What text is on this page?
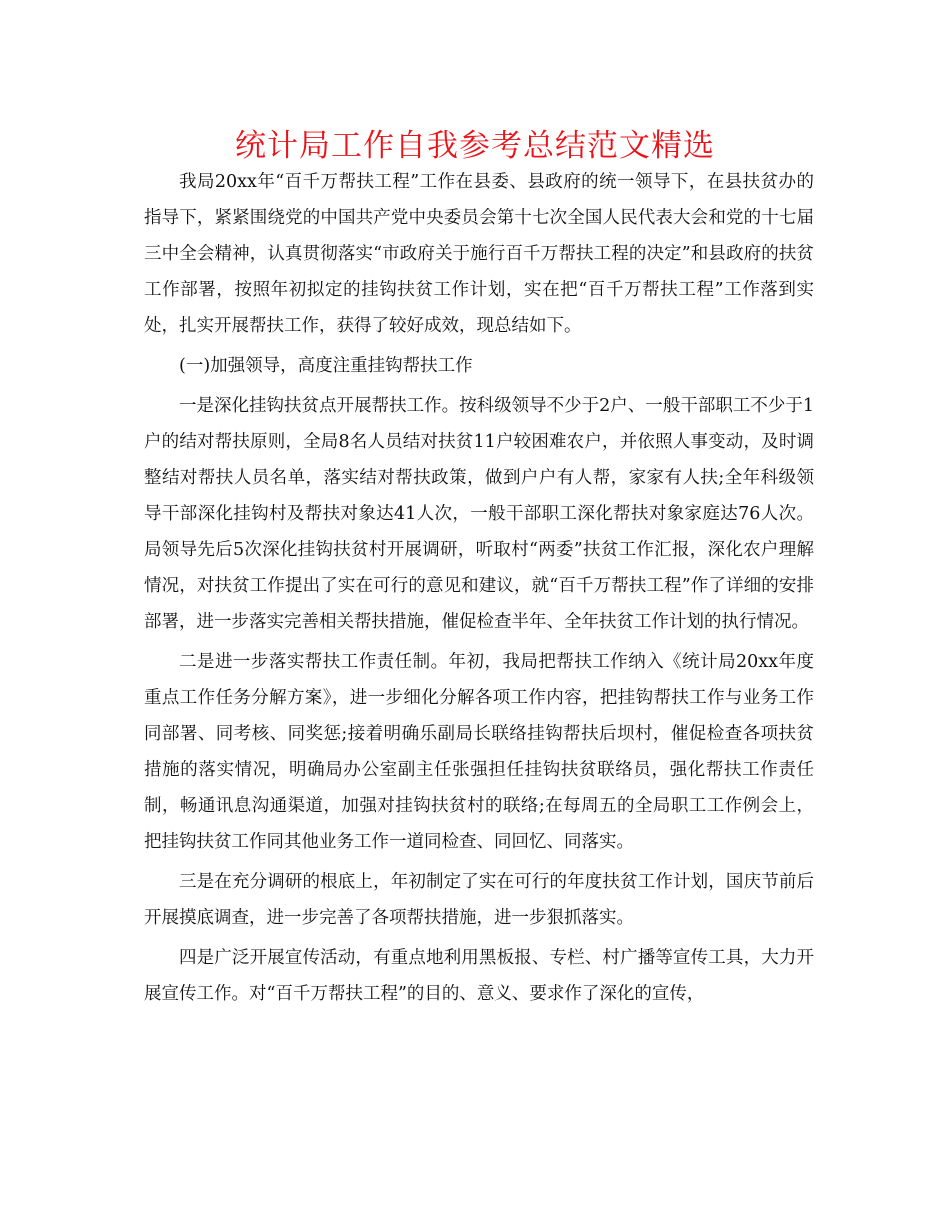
统计局工作自我参考总结范文精选

我局20xx年“百千万帮扶工程”工作在县委、县政府的统一领导下，在县扶贫办的指导下，紧紧围绕党的中国共产党中央委员会第十七次全国人民代表大会和党的十七届三中全会精神，认真贯彻落实“市政府关于施行百千万帮扶工程的决定”和县政府的扶贫工作部署，按照年初拟定的挂钩扶贫工作计划，实在把“百千万帮扶工程”工作落到实处，扎实开展帮扶工作，获得了较好成效，现总结如下。

(一)加强领导，高度注重挂钩帮扶工作

一是深化挂钩扶贫点开展帮扶工作。按科级领导不少于2户、一般干部职工不少于1户的结对帮扶原则，全局8名人员结对扶贫11户较困难农户，并依照人事变动，及时调整结对帮扶人员名单，落实结对帮扶政策，做到户户有人帮，家家有人扶;全年科级领导干部深化挂钩村及帮扶对象达41人次，一般干部职工深化帮扶对象家庭达76人次。局领导先后5次深化挂钩扶贫村开展调研，听取村“两委”扶贫工作汇报，深化农户理解情况，对扶贫工作提出了实在可行的意见和建议，就“百千万帮扶工程”作了详细的安排部署，进一步落实完善相关帮扶措施，催促检查半年、全年扶贫工作计划的执行情况。

二是进一步落实帮扶工作责任制。年初，我局把帮扶工作纳入《统计局20xx年度重点工作任务分解方案》，进一步细化分解各项工作内容，把挂钩帮扶工作与业务工作同部署、同考核、同奖惩;接着明确乐副局长联络挂钩帮扶后坝村，催促检查各项扶贫措施的落实情况，明确局办公室副主任张强担任挂钩扶贫联络员，强化帮扶工作责任制，畅通讯息沟通渠道，加强对挂钩扶贫村的联络;在每周五的全局职工工作例会上，把挂钩扶贫工作同其他业务工作一道同检查、同回忆、同落实。

三是在充分调研的根底上，年初制定了实在可行的年度扶贫工作计划，国庆节前后开展摸底调查，进一步完善了各项帮扶措施，进一步狠抓落实。

四是广泛开展宣传活动，有重点地利用黑板报、专栏、村广播等宣传工具，大力开展宣传工作。对“百千万帮扶工程”的目的、意义、要求作了深化的宣传，
